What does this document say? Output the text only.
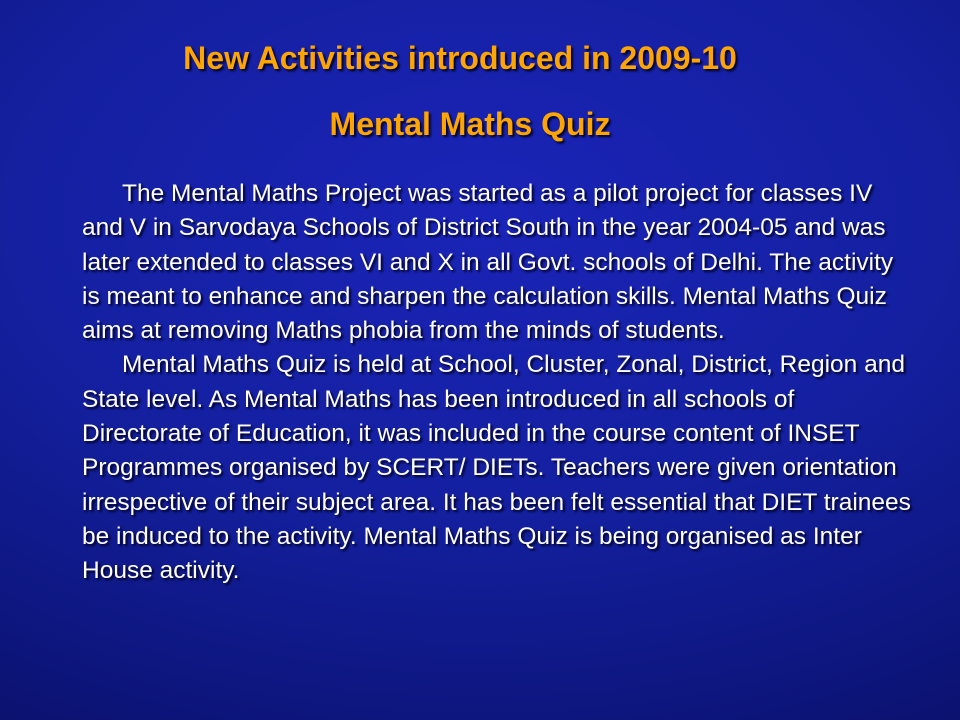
New Activities introduced in 2009-10
Mental Maths Quiz

The Mental Maths Project was started as a pilot project for classes IV and V in Sarvodaya Schools of District South in the year 2004-05 and was later extended to classes VI and X in all Govt. schools of Delhi. The activity is meant to enhance and sharpen the calculation skills. Mental Maths Quiz aims at removing Maths phobia from the minds of students.

Mental Maths Quiz is held at School, Cluster, Zonal, District, Region and State level. As Mental Maths has been introduced in all schools of Directorate of Education, it was included in the course content of INSET Programmes organised by SCERT/ DIETs. Teachers were given orientation irrespective of their subject area. It has been felt essential that DIET trainees be induced to the activity. Mental Maths Quiz is being organised as Inter House activity.
